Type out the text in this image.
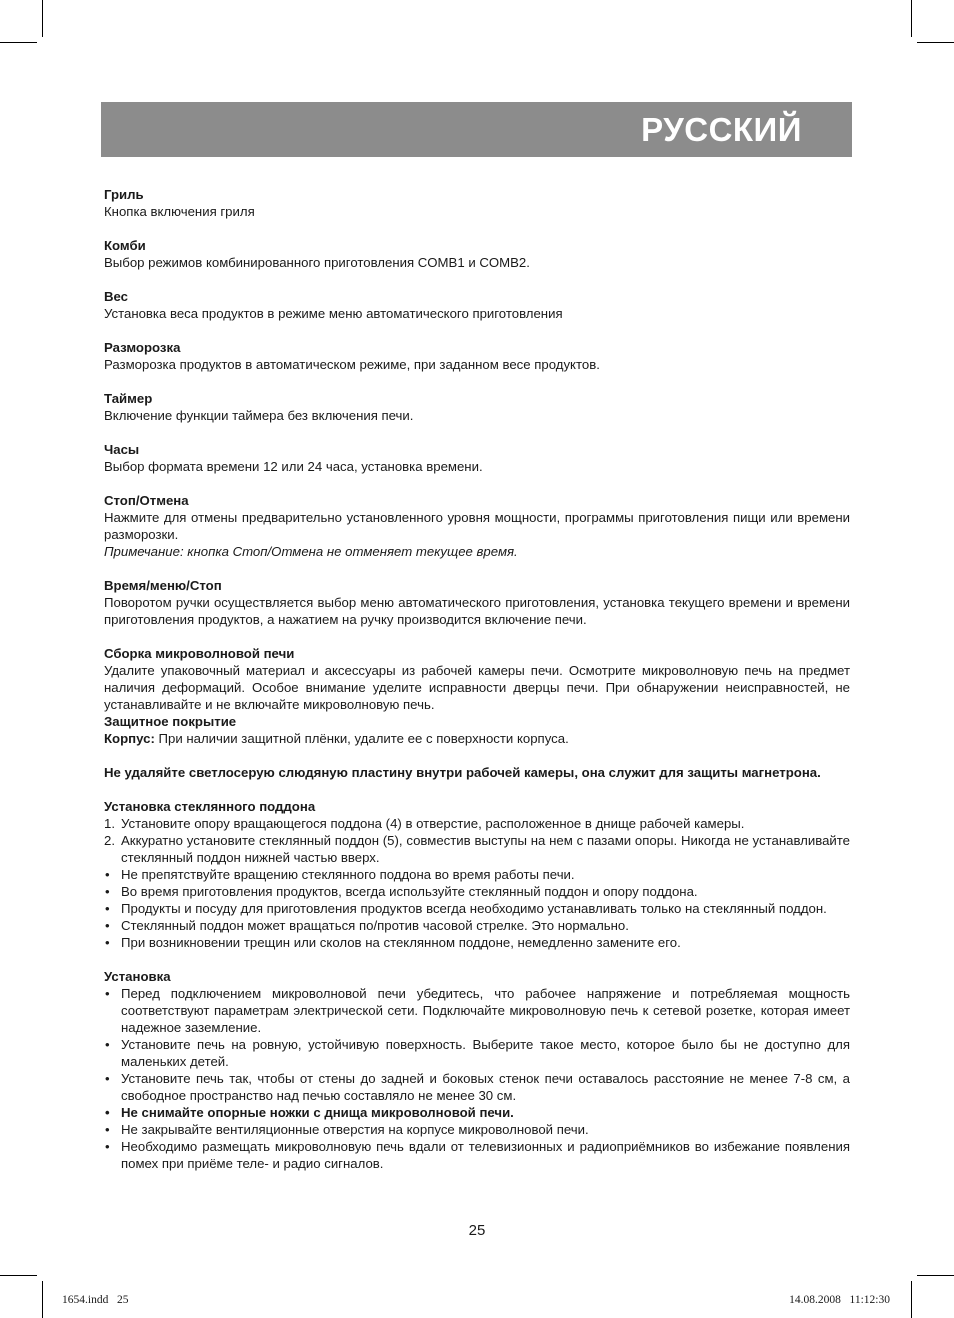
РУССКИЙ
Гриль
Кнопка включения гриля
Комби
Выбор режимов комбинированного приготовления COMB1 и COMB2.
Вес
Установка веса продуктов в режиме меню автоматического приготовления
Разморозка
Разморозка продуктов в автоматическом режиме, при заданном весе продуктов.
Таймер
Включение функции таймера без включения печи.
Часы
Выбор формата времени 12 или 24 часа, установка времени.
Стоп/Отмена
Нажмите для отмены предварительно установленного уровня мощности, программы приготовления пищи или времени разморозки.
Примечание: кнопка Стоп/Отмена не отменяет текущее время.
Время/меню/Стоп
Поворотом ручки осуществляется выбор меню автоматического приготовления, установка текущего времени и времени приготовления продуктов, а нажатием на ручку производится включение печи.
Сборка микроволновой печи
Удалите упаковочный материал и аксессуары из рабочей камеры печи. Осмотрите микроволновую печь на предмет наличия деформаций. Особое внимание уделите исправности дверцы печи. При обнаружении неисправностей, не устанавливайте и не включайте микроволновую печь.
Защитное покрытие
Корпус: При наличии защитной плёнки, удалите ее с поверхности корпуса.
Не удаляйте светлосерую слюдяную пластину внутри рабочей камеры, она служит для защиты магнетрона.
Установка стеклянного поддона
1. Установите опору вращающегося поддона (4) в отверстие, расположенное в днище рабочей камеры.
2. Аккуратно установите стеклянный поддон (5), совместив выступы на нем с пазами опоры. Никогда не устанавливайте стеклянный поддон нижней частью вверх.
• Не препятствуйте вращению стеклянного поддона во время работы печи.
• Во время приготовления продуктов, всегда используйте стеклянный поддон и опору поддона.
• Продукты и посуду для приготовления продуктов всегда необходимо устанавливать только на стеклянный поддон.
• Стеклянный поддон может вращаться по/против часовой стрелке. Это нормально.
• При возникновении трещин или сколов на стеклянном поддоне, немедленно замените его.
Установка
• Перед подключением микроволновой печи убедитесь, что рабочее напряжение и потребляемая мощность соответствуют параметрам электрической сети. Подключайте микроволновую печь к сетевой розетке, которая имеет надежное заземление.
• Установите печь на ровную, устойчивую поверхность. Выберите такое место, которое было бы не доступно для маленьких детей.
• Установите печь так, чтобы от стены до задней и боковых стенок печи оставалось расстояние не менее 7-8 см, а свободное пространство над печью составляло не менее 30 см.
• Не снимайте опорные ножки с днища микроволновой печи.
• Не закрывайте вентиляционные отверстия на корпусе микроволновой печи.
• Необходимо размещать микроволновую печь вдали от телевизионных и радиоприёмников во избежание появления помех при приёме теле- и радио сигналов.
25
1654.indd   25	14.08.2008   11:12:30
